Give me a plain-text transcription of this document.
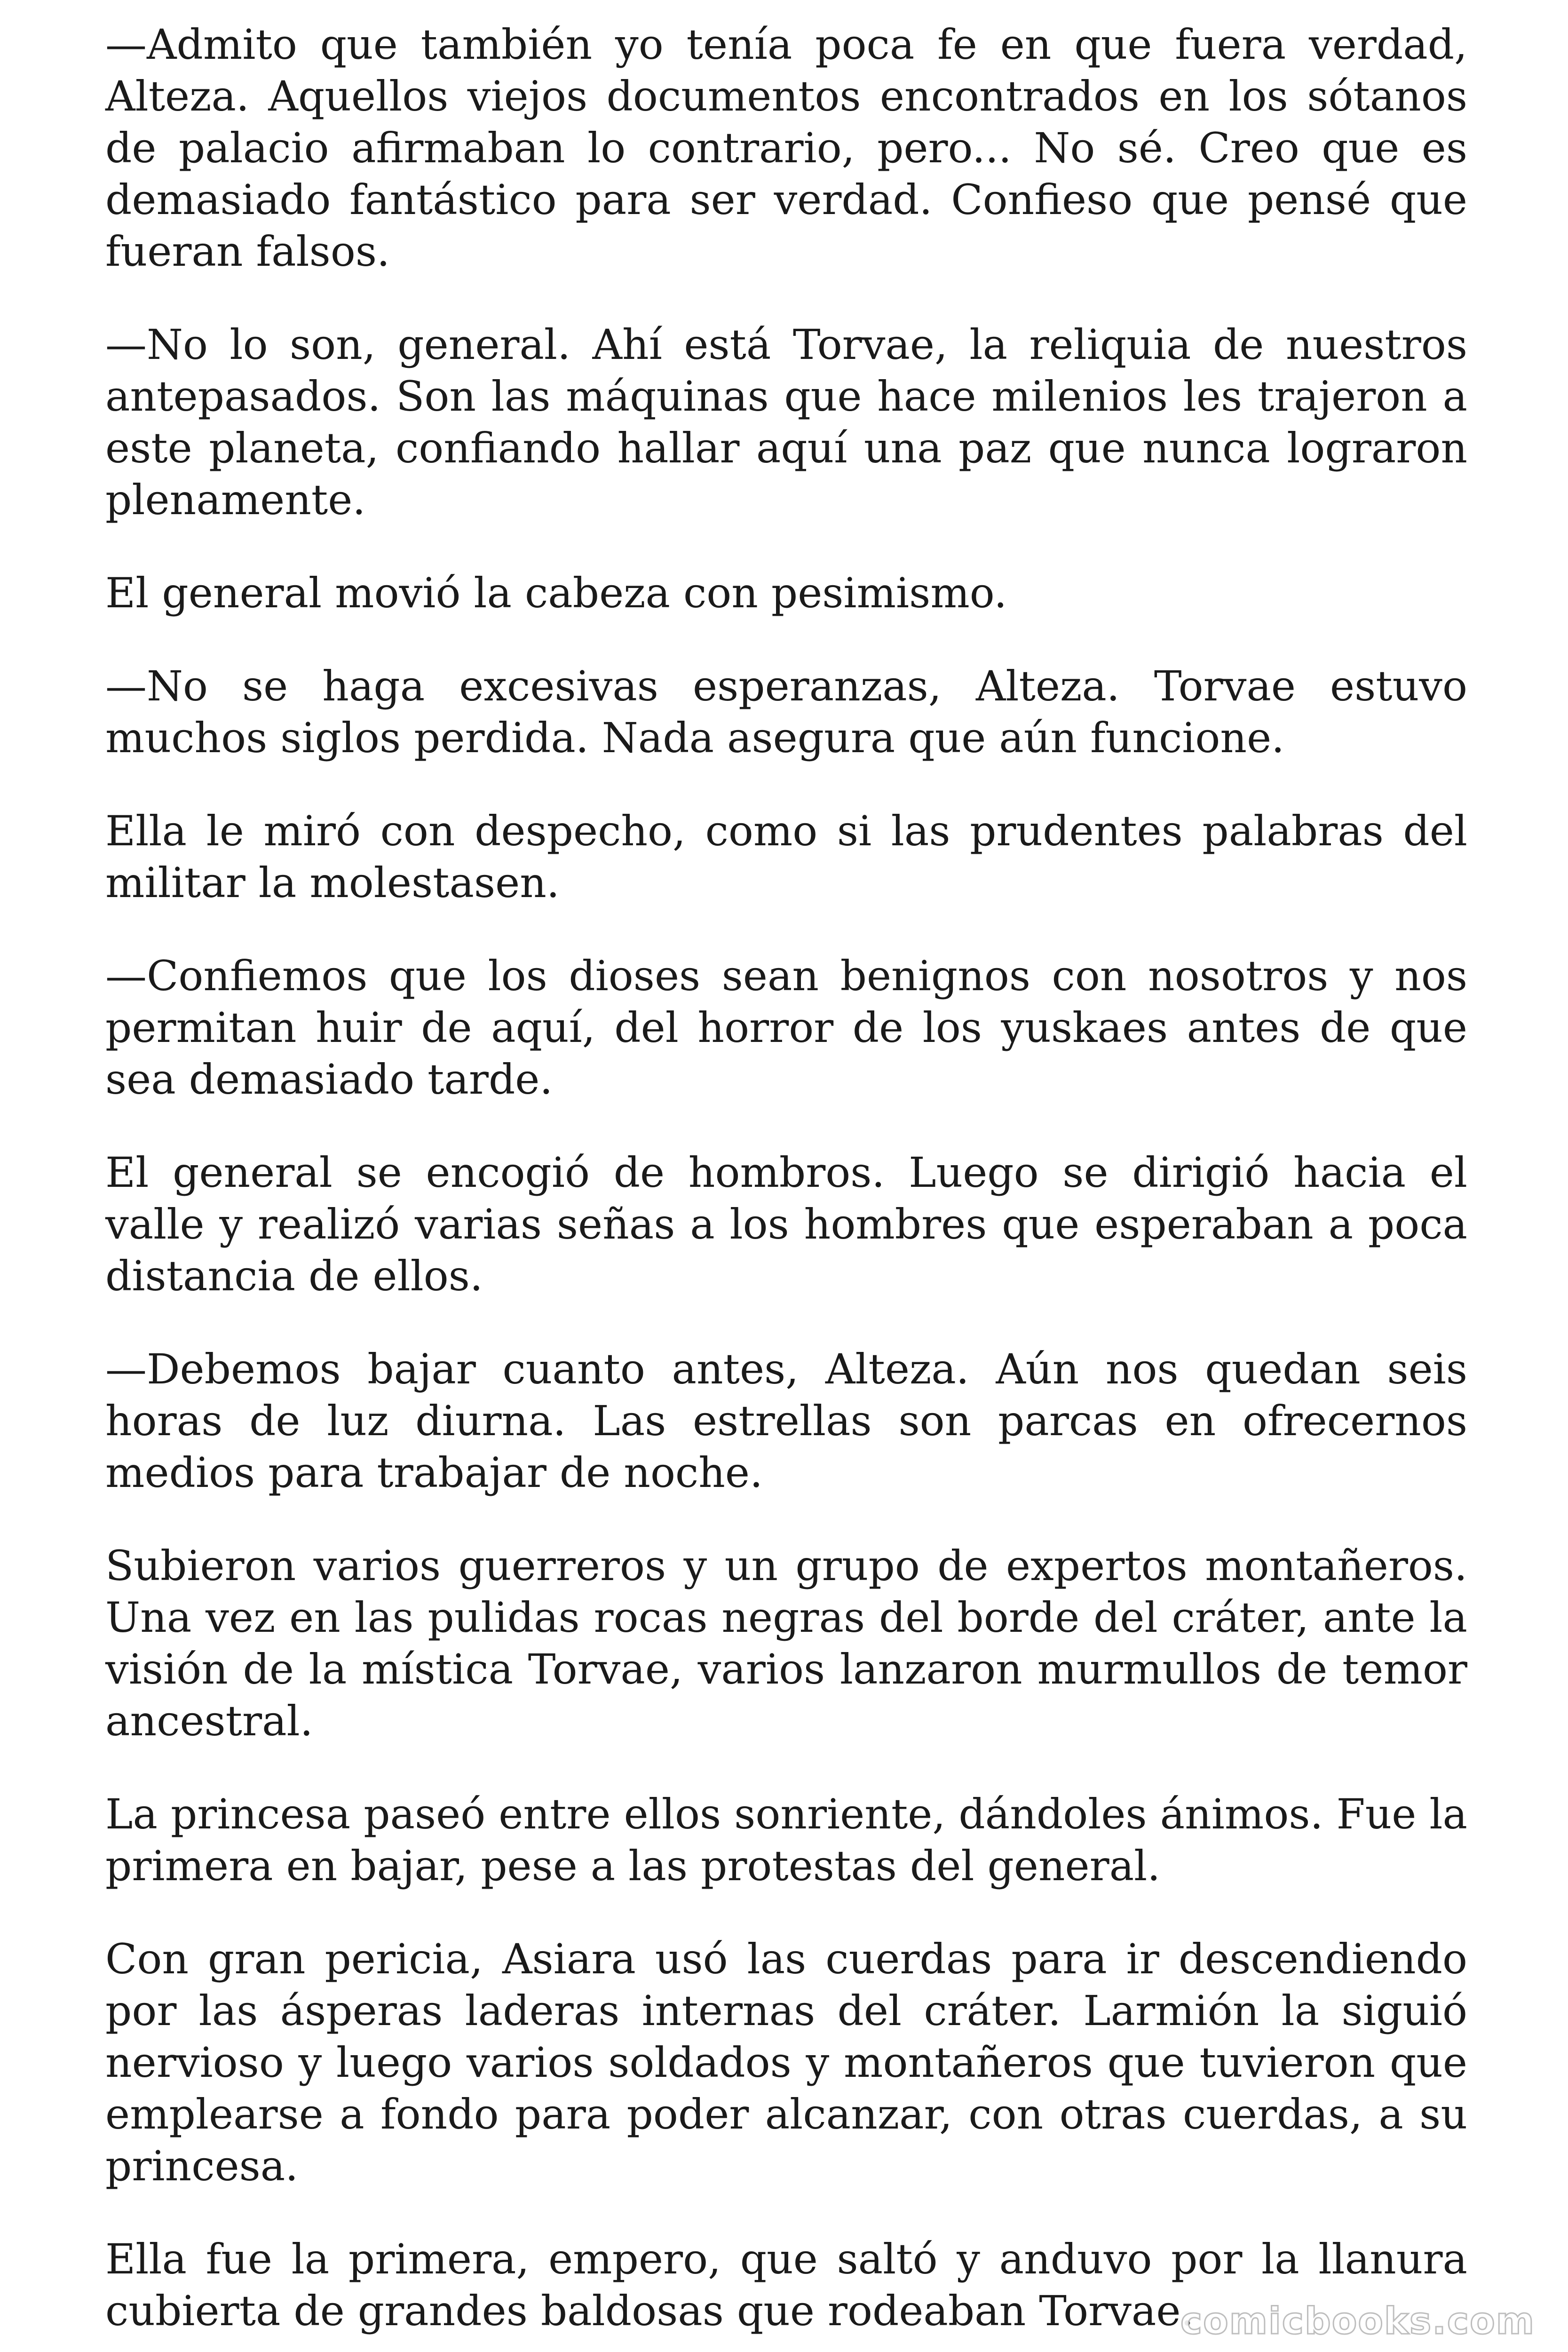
—Admito que también yo tenía poca fe en que fuera verdad, Alteza. Aquellos viejos documentos encontrados en los sótanos de palacio afirmaban lo contrario, pero... No sé. Creo que es demasiado fantástico para ser verdad. Confieso que pensé que fueran falsos.

—No lo son, general. Ahí está Torvae, la reliquia de nuestros antepasados. Son las máquinas que hace milenios les trajeron a este planeta, confiando hallar aquí una paz que nunca lograron plenamente.

El general movió la cabeza con pesimismo.

—No se haga excesivas esperanzas, Alteza. Torvae estuvo muchos siglos perdida. Nada asegura que aún funcione.

Ella le miró con despecho, como si las prudentes palabras del militar la molestasen.

—Confiemos que los dioses sean benignos con nosotros y nos permitan huir de aquí, del horror de los yuskaes antes de que sea demasiado tarde.

El general se encogió de hombros. Luego se dirigió hacia el valle y realizó varias señas a los hombres que esperaban a poca distancia de ellos.

—Debemos bajar cuanto antes, Alteza. Aún nos quedan seis horas de luz diurna. Las estrellas son parcas en ofrecernos medios para trabajar de noche.

Subieron varios guerreros y un grupo de expertos montañeros. Una vez en las pulidas rocas negras del borde del cráter, ante la visión de la mística Torvae, varios lanzaron murmullos de temor ancestral.

La princesa paseó entre ellos sonriente, dándoles ánimos. Fue la primera en bajar, pese a las protestas del general.

Con gran pericia, Asiara usó las cuerdas para ir descendiendo por las ásperas laderas internas del cráter. Larmión la siguió nervioso y luego varios soldados y montañeros que tuvieron que emplearse a fondo para poder alcanzar, con otras cuerdas, a su princesa.

Ella fue la primera, empero, que saltó y anduvo por la llanura cubierta de grandes baldosas que rodeaban Torvae.

comicbooks.com
